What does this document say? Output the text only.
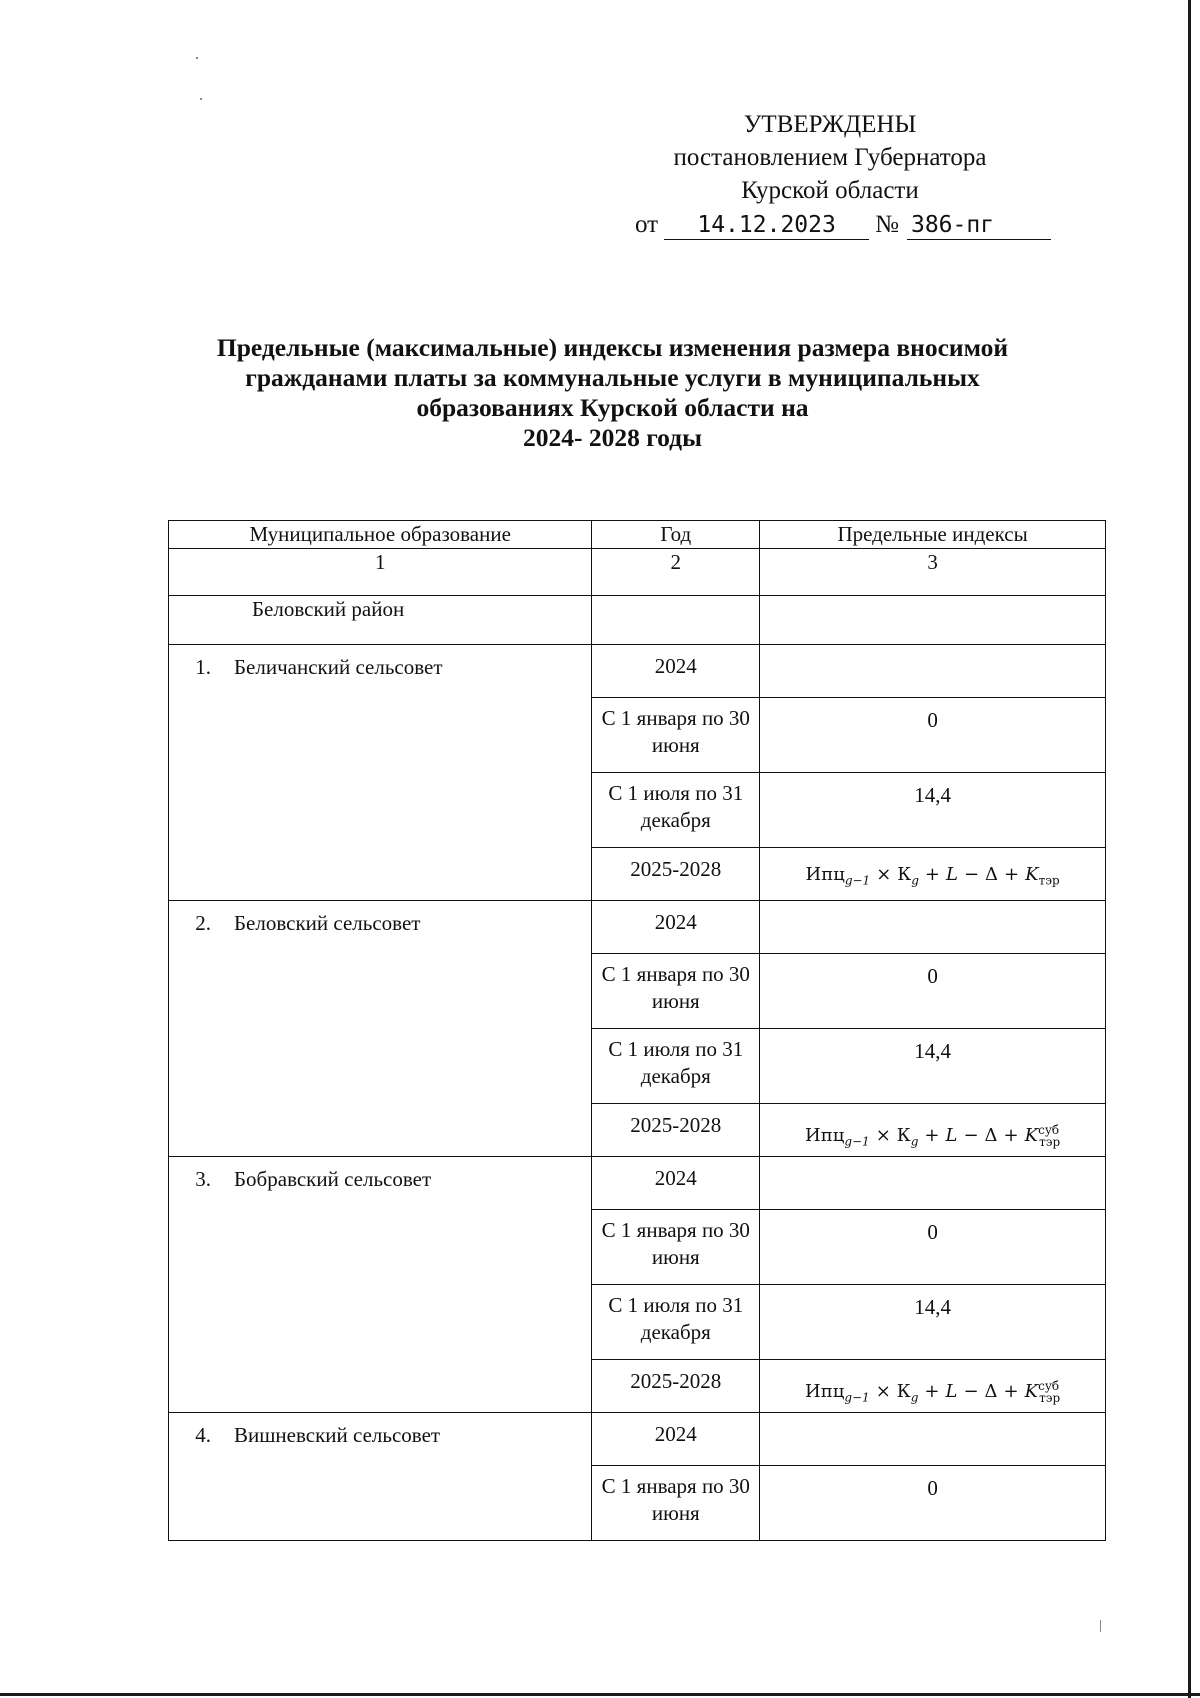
УТВЕРЖДЕНЫ
постановлением Губернатора
Курской области
от 14.12.2023 № 386-пг
Предельные (максимальные) индексы изменения размера вносимой
гражданами платы за коммунальные услуги в муниципальных
образованиях Курской области на
2024- 2028 годы
Муниципальное образование	Год	Предельные индексы
1	2	3
Беловский район		
1. Беличанский сельсовет	2024	
	С 1 января по 30 июня	0
	С 1 июля по 31 декабря	14,4
	2025-2028	$Ипц_{g-1} \times К_g + L - \Delta + K_{тэр}$
2. Беловский сельсовет	2024	
	С 1 января по 30 июня	0
	С 1 июля по 31 декабря	14,4
	2025-2028	$Ипц_{g-1} \times К_g + L - \Delta + K^{суб}_{тэр}$
3. Бобравский сельсовет	2024	
	С 1 января по 30 июня	0
	С 1 июля по 31 декабря	14,4
	2025-2028	$Ипц_{g-1} \times К_g + L - \Delta + K^{суб}_{тэр}$
4. Вишневский сельсовет	2024	
	С 1 января по 30 июня	0
